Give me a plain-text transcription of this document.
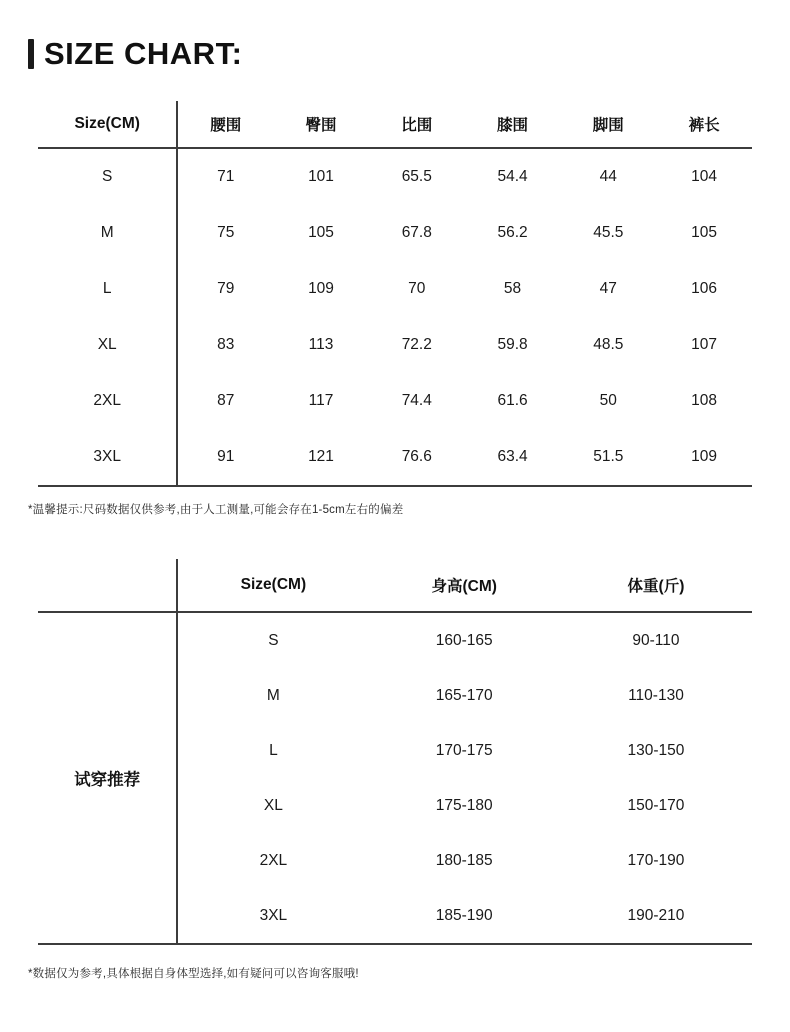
SIZE CHART:
Size(CM)	腰围	臀围	比围	膝围	脚围	裤长
S	71	101	65.5	54.4	44	104
M	75	105	67.8	56.2	45.5	105
L	79	109	70	58	47	106
XL	83	113	72.2	59.8	48.5	107
2XL	87	117	74.4	61.6	50	108
3XL	91	121	76.6	63.4	51.5	109
*温馨提示:尺码数据仅供参考,由于人工测量,可能会存在1-5cm左右的偏差
	Size(CM)	身高(CM)	体重(斤)
试穿推荐	S	160-165	90-110
	M	165-170	110-130
	L	170-175	130-150
	XL	175-180	150-170
	2XL	180-185	170-190
	3XL	185-190	190-210
*数据仅为参考,具体根据自身体型选择,如有疑问可以咨询客服哦!
